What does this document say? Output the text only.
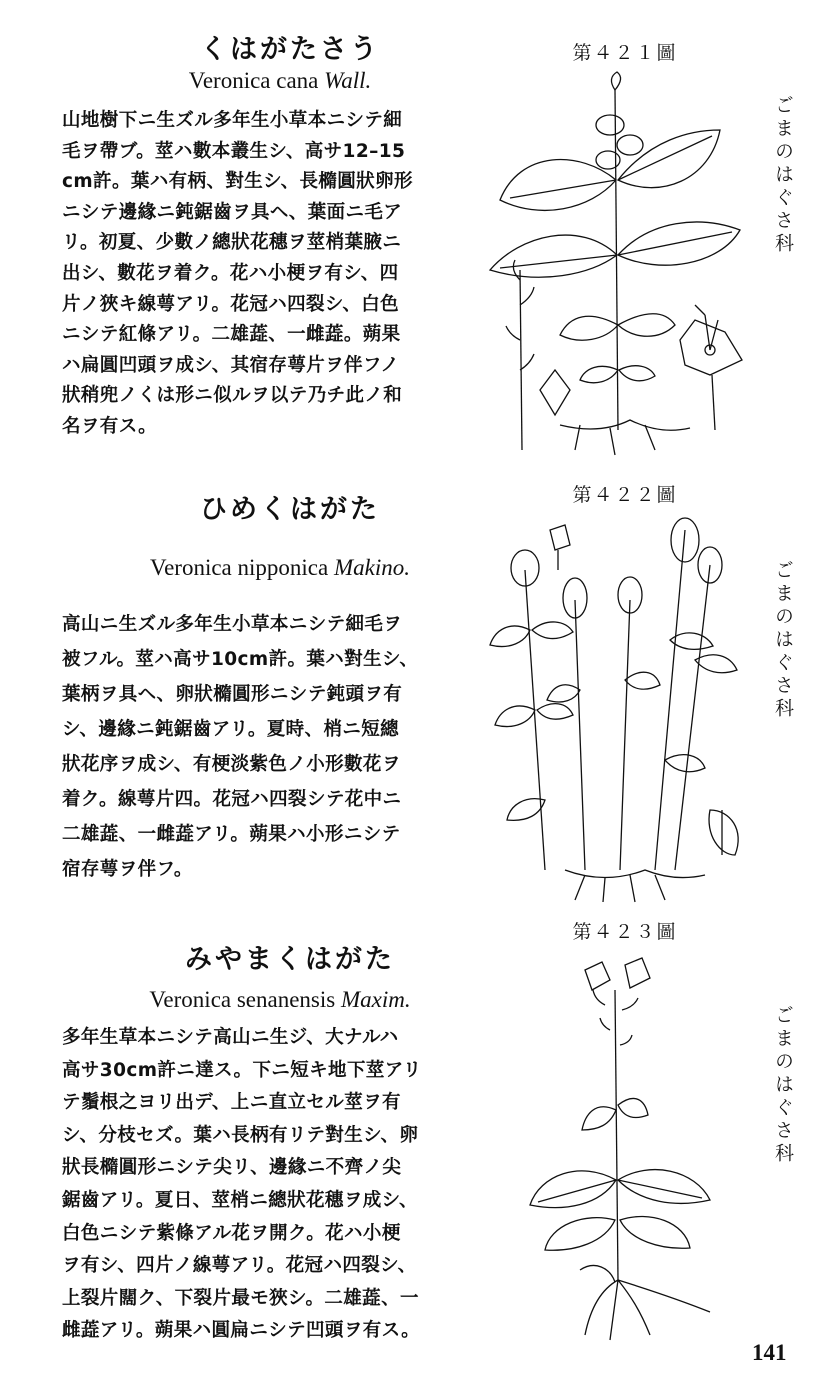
くはがたさう
Veronica cana Wall.
山地樹下ニ生ズル多年生小草本ニシテ細
毛ヲ帶ブ。莖ハ數本叢生シ、高サ12–15
cm許。葉ハ有柄、對生シ、長橢圓狀卵形
ニシテ邊緣ニ鈍鋸齒ヲ具ヘ、葉面ニ毛ア
リ。初夏、少數ノ總狀花穗ヲ莖梢葉腋ニ
出シ、數花ヲ着ク。花ハ小梗ヲ有シ、四
片ノ狹キ線萼アリ。花冠ハ四裂シ、白色
ニシテ紅條アリ。二雄蕋、一雌蕋。蒴果
ハ扁圓凹頭ヲ成シ、其宿存萼片ヲ伴フノ
狀稍兜ノくは形ニ似ルヲ以テ乃チ此ノ和
名ヲ有ス。
第４２１圖
ごまのはぐさ科
ひめくはがた
Veronica nipponica Makino.
高山ニ生ズル多年生小草本ニシテ細毛ヲ
被フル。莖ハ高サ10cm許。葉ハ對生シ、
葉柄ヲ具ヘ、卵狀橢圓形ニシテ鈍頭ヲ有
シ、邊緣ニ鈍鋸齒アリ。夏時、梢ニ短總
狀花序ヲ成シ、有梗淡紫色ノ小形數花ヲ
着ク。線萼片四。花冠ハ四裂シテ花中ニ
二雄蕋、一雌蕋アリ。蒴果ハ小形ニシテ
宿存萼ヲ伴フ。
第４２２圖
ごまのはぐさ科
みやまくはがた
Veronica senanensis Maxim.
多年生草本ニシテ高山ニ生ジ、大ナルハ
高サ30cm許ニ達ス。下ニ短キ地下莖アリ
テ鬚根之ヨリ出デ、上ニ直立セル莖ヲ有
シ、分枝セズ。葉ハ長柄有リテ對生シ、卵
狀長橢圓形ニシテ尖リ、邊緣ニ不齊ノ尖
鋸齒アリ。夏日、莖梢ニ總狀花穗ヲ成シ、
白色ニシテ紫條アル花ヲ開ク。花ハ小梗
ヲ有シ、四片ノ線萼アリ。花冠ハ四裂シ、
上裂片闊ク、下裂片最モ狹シ。二雄蕋、一
雌蕋アリ。蒴果ハ圓扁ニシテ凹頭ヲ有ス。
第４２３圖
ごまのはぐさ科
141
